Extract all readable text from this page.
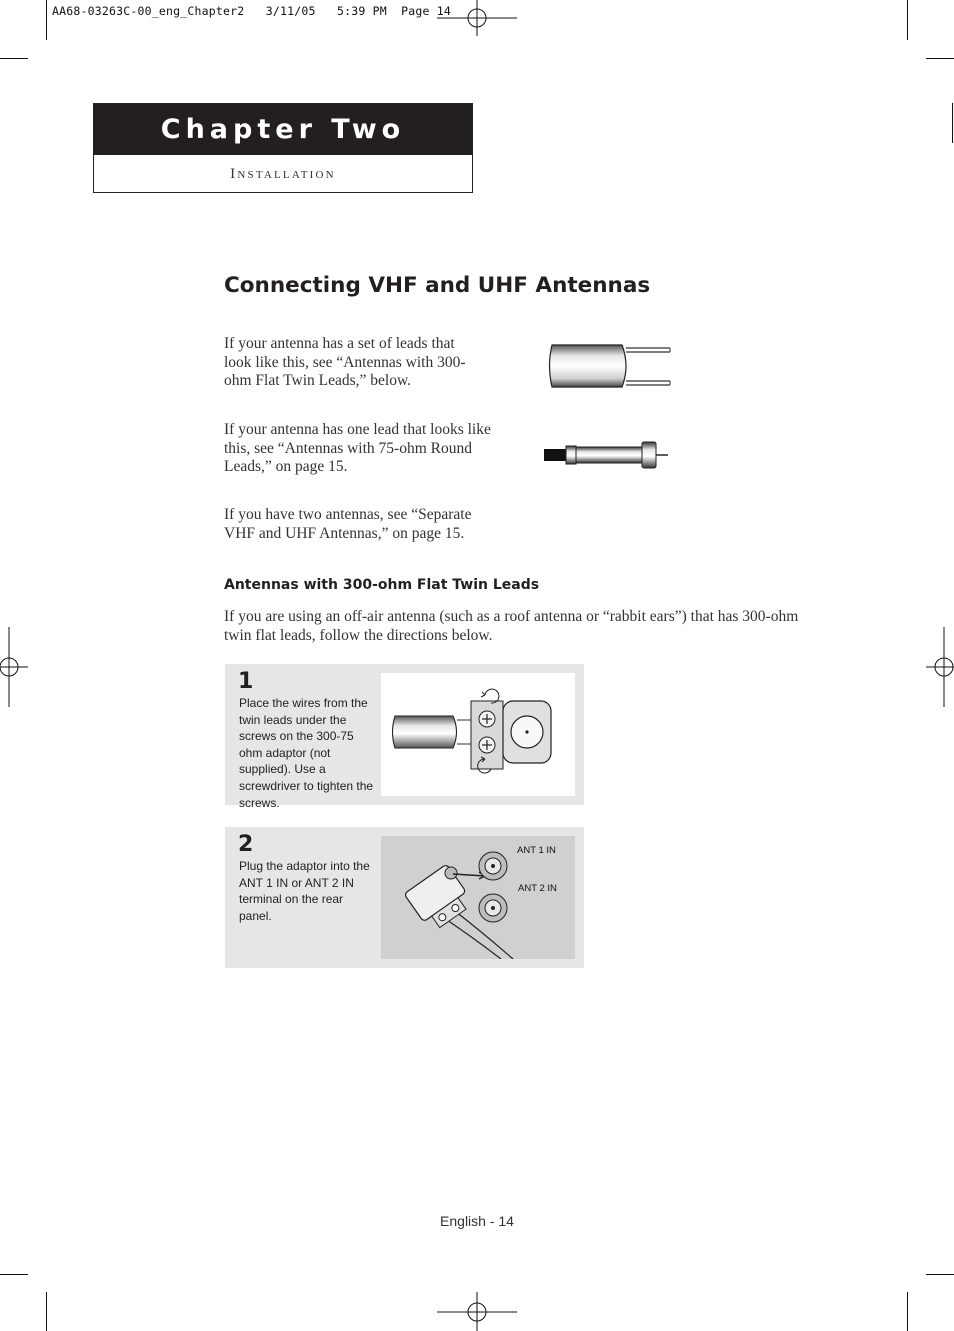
AA68-03263C-00_eng_Chapter2 3/11/05 5:39 PM Page 14
Chapter Two
Installation
Connecting VHF and UHF Antennas
If your antenna has a set of leads that look like this, see “Antennas with 300-ohm Flat Twin Leads,” below.
If your antenna has one lead that looks like this, see “Antennas with 75-ohm Round Leads,” on page 15.
If you have two antennas, see “Separate VHF and UHF Antennas,” on page 15.
Antennas with 300-ohm Flat Twin Leads
If you are using an off-air antenna (such as a roof antenna or “rabbit ears”) that has 300-ohm twin flat leads, follow the directions below.
1
Place the wires from the twin leads under the screws on the 300-75 ohm adaptor (not supplied). Use a screwdriver to tighten the screws.
2
Plug the adaptor into the ANT 1 IN or ANT 2 IN terminal on the rear panel.
ANT 1 IN
ANT 2 IN
English - 14
